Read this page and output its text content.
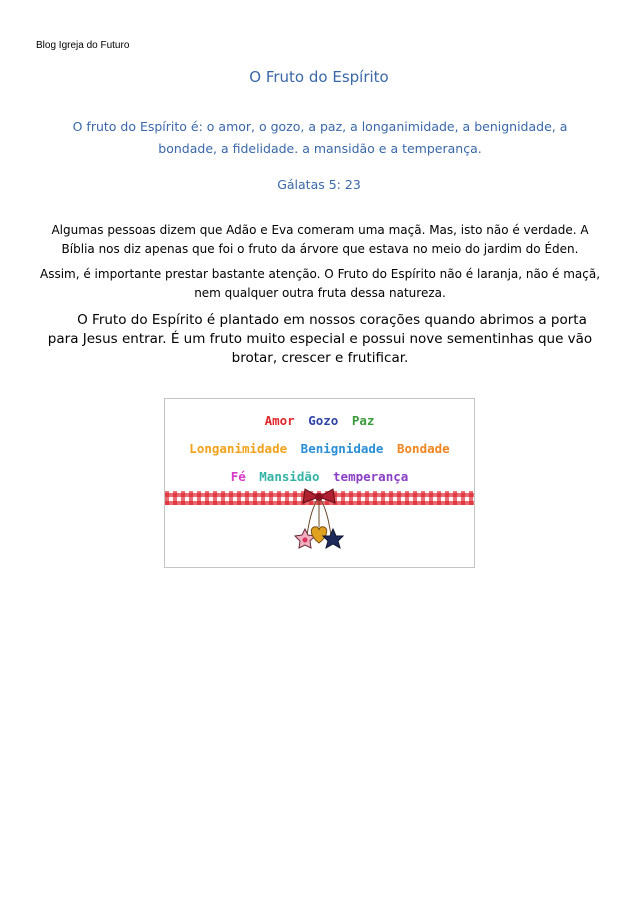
Blog Igreja do Futuro
O Fruto do Espírito
O fruto do Espírito é: o amor, o gozo, a paz, a longanimidade, a benignidade, a bondade, a fidelidade. a mansidão e a temperança.
Gálatas 5: 23
Algumas pessoas dizem que Adão e Eva comeram uma maçã. Mas, isto não é verdade. A Bíblia nos diz apenas que foi o fruto da árvore que estava no meio do jardim do Éden.
Assim, é importante prestar bastante atenção. O Fruto do Espírito não é laranja, não é maçã, nem qualquer outra fruta dessa natureza.
O Fruto do Espírito é plantado em nossos corações quando abrimos a porta para Jesus entrar. É um fruto muito especial e possui nove sementinhas que vão brotar, crescer e frutificar.
Amor Gozo Paz
Longanimidade Benignidade Bondade
Fé Mansidão temperança
